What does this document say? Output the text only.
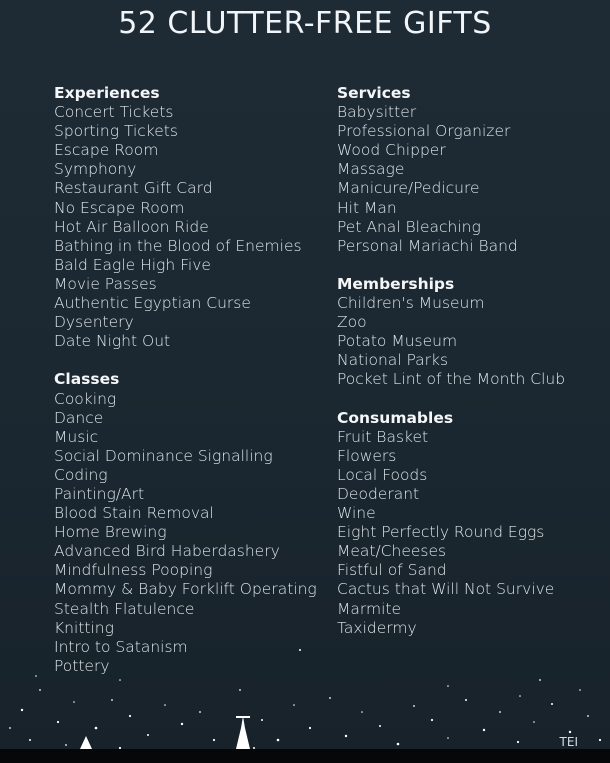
52 CLUTTER-FREE GIFTS
Experiences
Concert Tickets
Sporting Tickets
Escape Room
Symphony
Restaurant Gift Card
No Escape Room
Hot Air Balloon Ride
Bathing in the Blood of Enemies
Bald Eagle High Five
Movie Passes
Authentic Egyptian Curse
Dysentery
Date Night Out
Classes
Cooking
Dance
Music
Social Dominance Signalling
Coding
Painting/Art
Blood Stain Removal
Home Brewing
Advanced Bird Haberdashery
Mindfulness Pooping
Mommy & Baby Forklift Operating
Stealth Flatulence
Knitting
Intro to Satanism
Pottery
Services
Babysitter
Professional Organizer
Wood Chipper
Massage
Manicure/Pedicure
Hit Man
Pet Anal Bleaching
Personal Mariachi Band
Memberships
Children's Museum
Zoo
Potato Museum
National Parks
Pocket Lint of the Month Club
Consumables
Fruit Basket
Flowers
Local Foods
Deoderant
Wine
Eight Perfectly Round Eggs
Meat/Cheeses
Fistful of Sand
Cactus that Will Not Survive
Marmite
Taxidermy
TEI
